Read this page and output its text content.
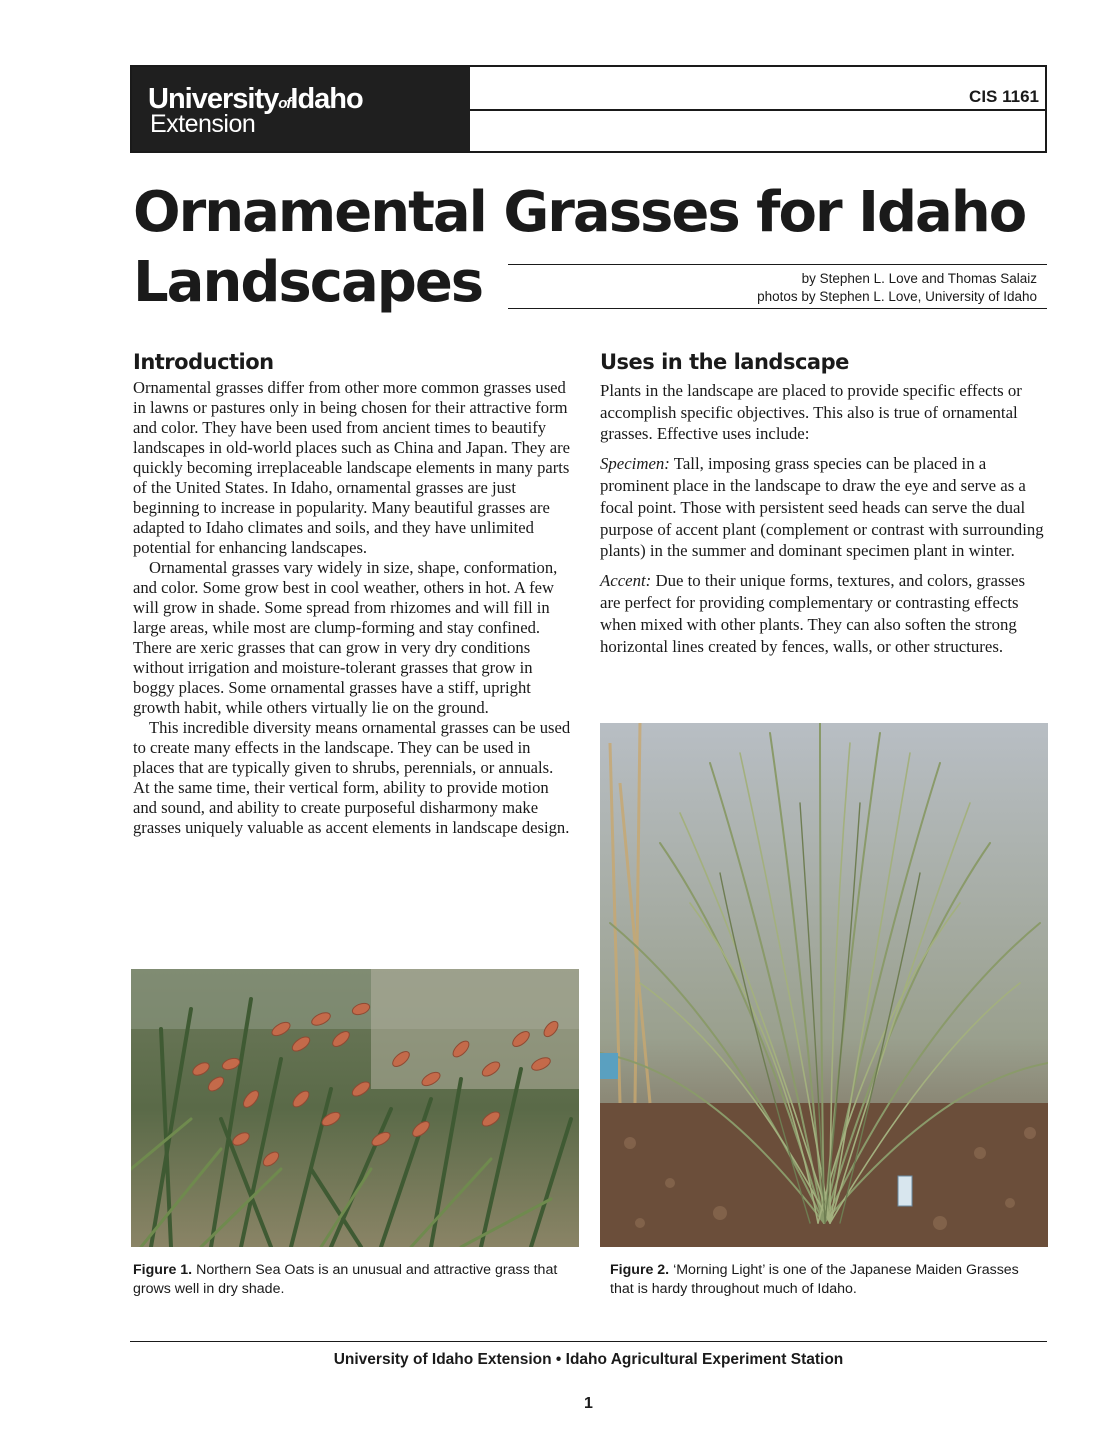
UniversityofIdaho
Extension
CIS 1161
Ornamental Grasses for Idaho
Landscapes	by Stephen L. Love and Thomas Salaiz
photos by Stephen L. Love, University of Idaho
Introduction

Ornamental grasses differ from other more common grasses used in lawns or pastures only in being chosen for their attractive form and color. They have been used from ancient times to beautify landscapes in old-world places such as China and Japan. They are quickly becoming irreplaceable landscape elements in many parts of the United States. In Idaho, ornamental grasses are just beginning to increase in popularity. Many beautiful grasses are adapted to Idaho climates and soils, and they have unlimited potential for enhancing landscapes.

Ornamental grasses vary widely in size, shape, conformation, and color. Some grow best in cool weather, others in hot. A few will grow in shade. Some spread from rhizomes and will fill in large areas, while most are clump-forming and stay confined. There are xeric grasses that can grow in very dry conditions without irrigation and moisture-tolerant grasses that grow in boggy places. Some ornamental grasses have a stiff, upright growth habit, while others virtually lie on the ground.

This incredible diversity means ornamental grasses can be used to create many effects in the landscape. They can be used in places that are typically given to shrubs, perennials, or annuals. At the same time, their vertical form, ability to provide motion and sound, and ability to create purposeful disharmony make grasses uniquely valuable as accent elements in landscape design.

Uses in the landscape

Plants in the landscape are placed to provide specific effects or accomplish specific objectives. This also is true of ornamental grasses. Effective uses include:

Specimen: Tall, imposing grass species can be placed in a prominent place in the landscape to draw the eye and serve as a focal point. Those with persistent seed heads can serve the dual purpose of accent plant (complement or contrast with surrounding plants) in the summer and dominant specimen plant in winter.

Accent: Due to their unique forms, textures, and colors, grasses are perfect for providing complementary or contrasting effects when mixed with other plants. They can also soften the strong horizontal lines created by fences, walls, or other structures.

Figure 1. Northern Sea Oats is an unusual and attractive grass that grows well in dry shade.
Figure 2. ‘Morning Light’ is one of the Japanese Maiden Grasses that is hardy throughout much of Idaho.
University of Idaho Extension • Idaho Agricultural Experiment Station
1
